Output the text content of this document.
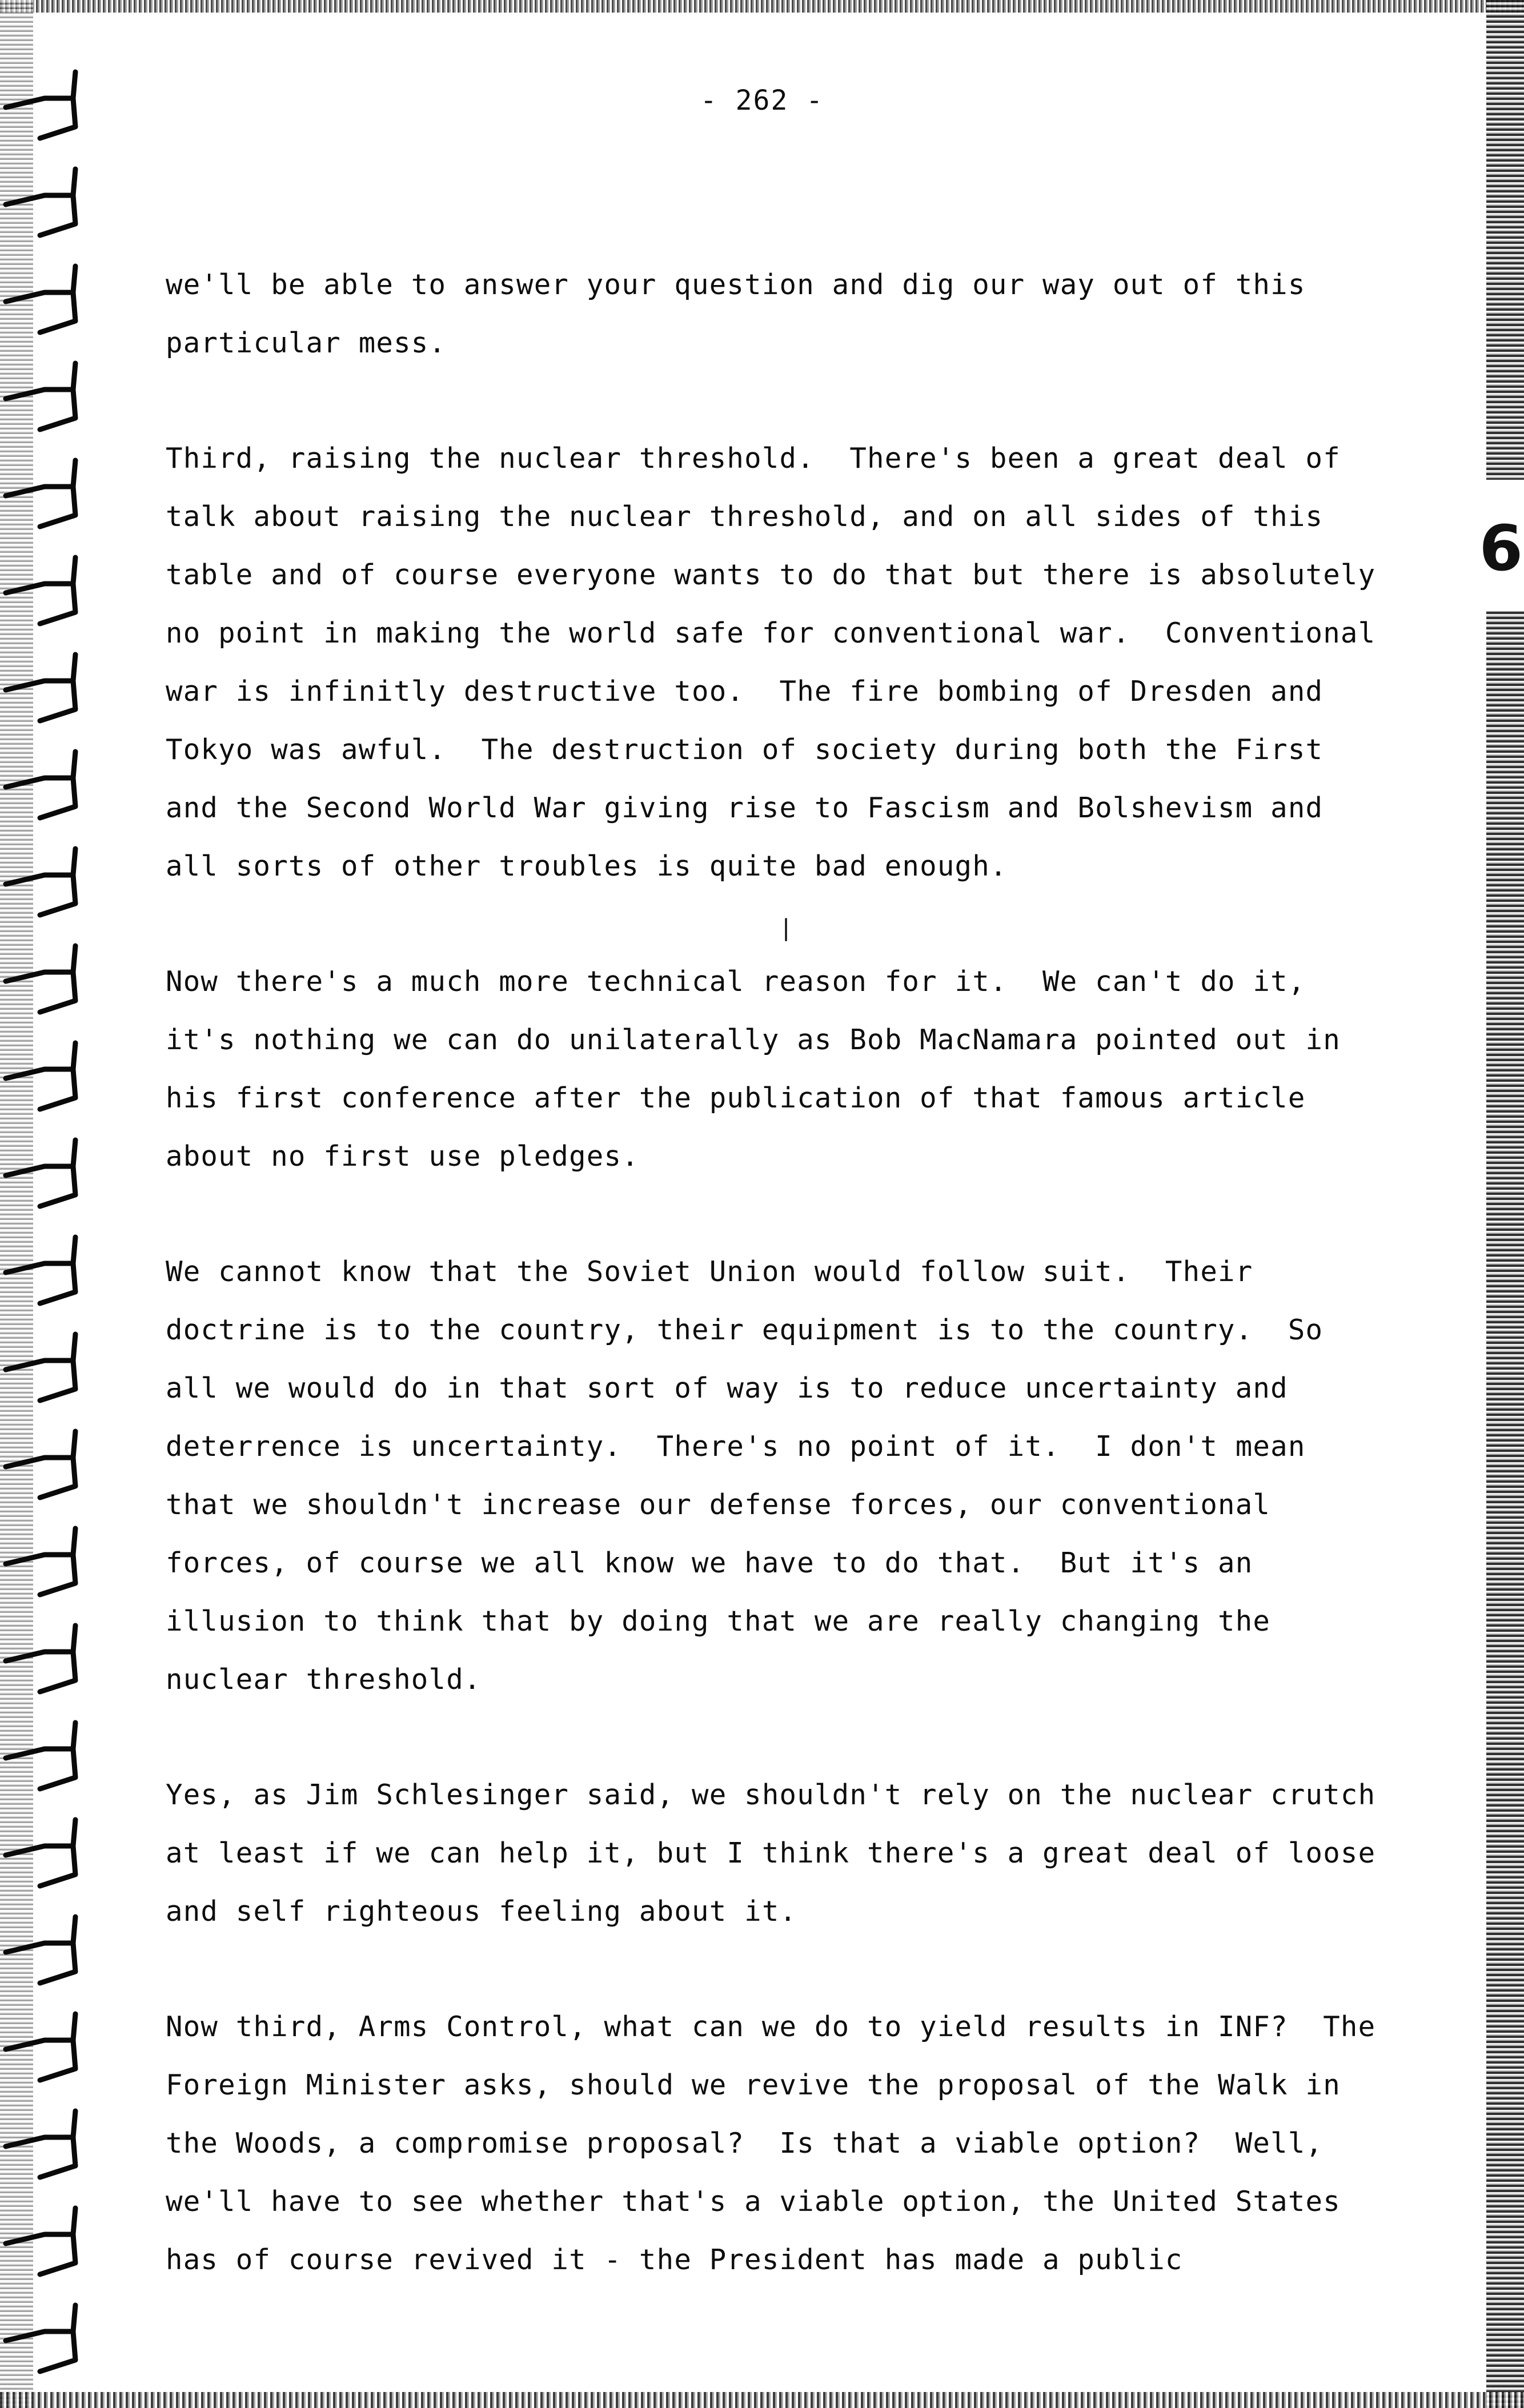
6
- 262 -

we'll be able to answer your question and dig our way out of this
particular mess.

Third, raising the nuclear threshold.  There's been a great deal of
talk about raising the nuclear threshold, and on all sides of this
table and of course everyone wants to do that but there is absolutely
no point in making the world safe for conventional war.  Conventional
war is infinitly destructive too.  The fire bombing of Dresden and
Tokyo was awful.  The destruction of society during both the First
and the Second World War giving rise to Fascism and Bolshevism and
all sorts of other troubles is quite bad enough.

Now there's a much more technical reason for it.  We can't do it,
it's nothing we can do unilaterally as Bob MacNamara pointed out in
his first conference after the publication of that famous article
about no first use pledges.

We cannot know that the Soviet Union would follow suit.  Their
doctrine is to the country, their equipment is to the country.  So
all we would do in that sort of way is to reduce uncertainty and
deterrence is uncertainty.  There's no point of it.  I don't mean
that we shouldn't increase our defense forces, our conventional
forces, of course we all know we have to do that.  But it's an
illusion to think that by doing that we are really changing the
nuclear threshold.

Yes, as Jim Schlesinger said, we shouldn't rely on the nuclear crutch
at least if we can help it, but I think there's a great deal of loose
and self righteous feeling about it.

Now third, Arms Control, what can we do to yield results in INF?  The
Foreign Minister asks, should we revive the proposal of the Walk in
the Woods, a compromise proposal?  Is that a viable option?  Well,
we'll have to see whether that's a viable option, the United States
has of course revived it - the President has made a public

|
